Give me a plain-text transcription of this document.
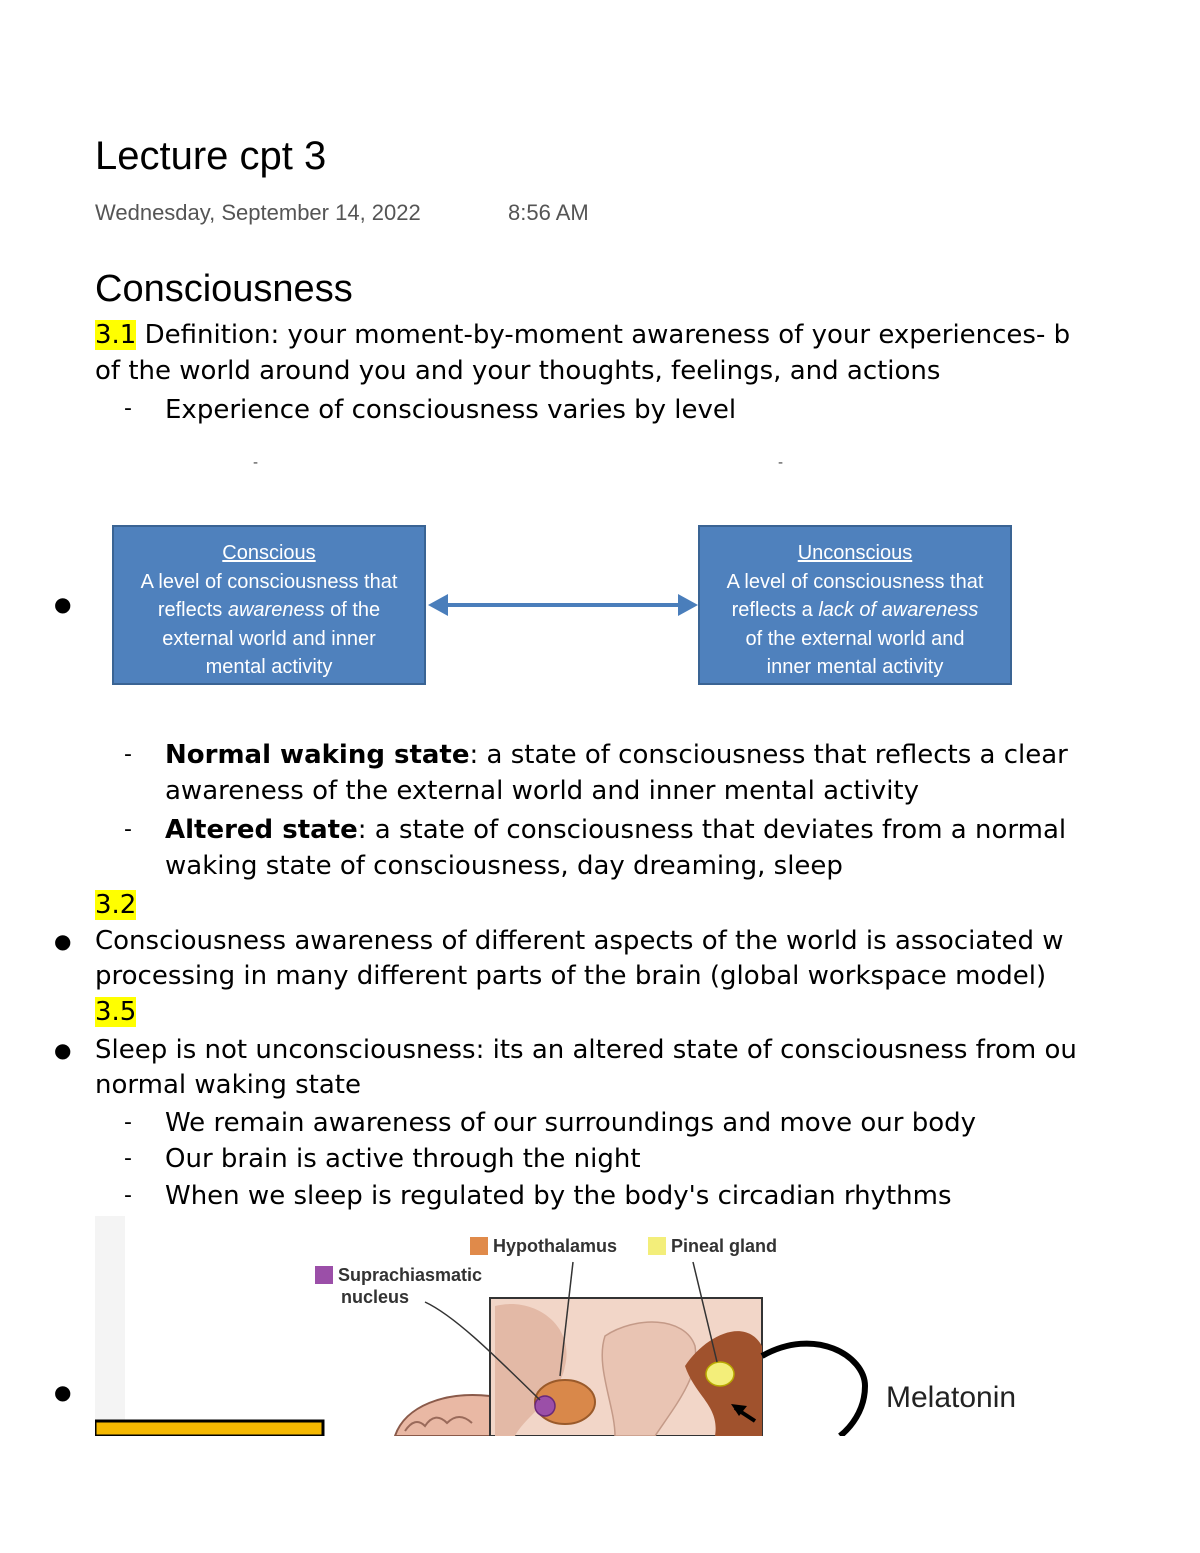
Lecture cpt 3
Wednesday, September 14, 2022	8:56 AM
Consciousness
3.1 Definition: your moment-by-moment awareness of your experiences- b
of the world around you and your thoughts, feelings, and actions
- Experience of consciousness varies by level
-	-
●
Conscious
A level of consciousness that
reflects awareness of the
external world and inner
mental activity
Unconscious
A level of consciousness that
reflects a lack of awareness
of the external world and
inner mental activity
- Normal waking state: a state of consciousness that reflects a clear
awareness of the external world and inner mental activity
- Altered state: a state of consciousness that deviates from a normal
waking state of consciousness, day dreaming, sleep
3.2
● Consciousness awareness of different aspects of the world is associated w
processing in many different parts of the brain (global workspace model)
3.5
● Sleep is not unconsciousness: its an altered state of consciousness from ou
normal waking state
- We remain awareness of our surroundings and move our body
- Our brain is active through the night
- When we sleep is regulated by the body's circadian rhythms
●
Hypothalamus	Pineal gland
Suprachiasmatic
nucleus
Melatonin
